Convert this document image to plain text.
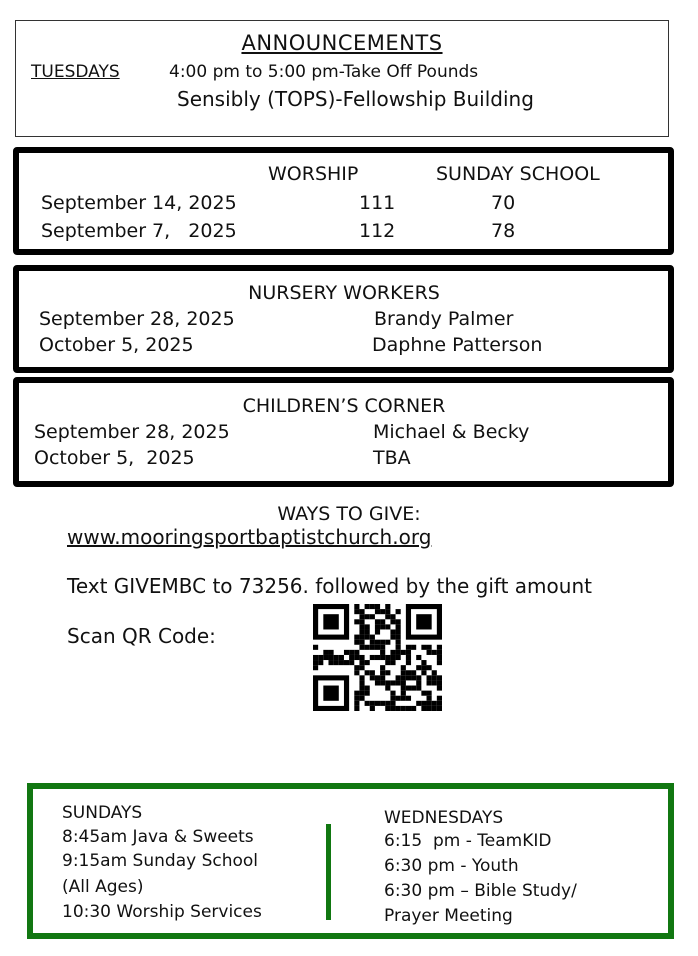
ANNOUNCEMENTS
TUESDAYS	4:00 pm to 5:00 pm-Take Off Pounds
Sensibly (TOPS)-Fellowship Building
WORSHIP	SUNDAY SCHOOL
September 14, 2025	111	70
September 7,   2025	112	78
NURSERY WORKERS
September 28, 2025	Brandy Palmer
October 5, 2025	Daphne Patterson
CHILDREN’S CORNER
September 28, 2025	Michael & Becky
October 5,  2025	TBA
WAYS TO GIVE:
www.mooringsportbaptistchurch.org
Text GIVEMBC to 73256. followed by the gift amount
Scan QR Code:
SUNDAYS
8:45am Java & Sweets
9:15am Sunday School
(All Ages)
10:30 Worship Services
WEDNESDAYS
6:15  pm - TeamKID
6:30 pm - Youth
6:30 pm – Bible Study/
Prayer Meeting
